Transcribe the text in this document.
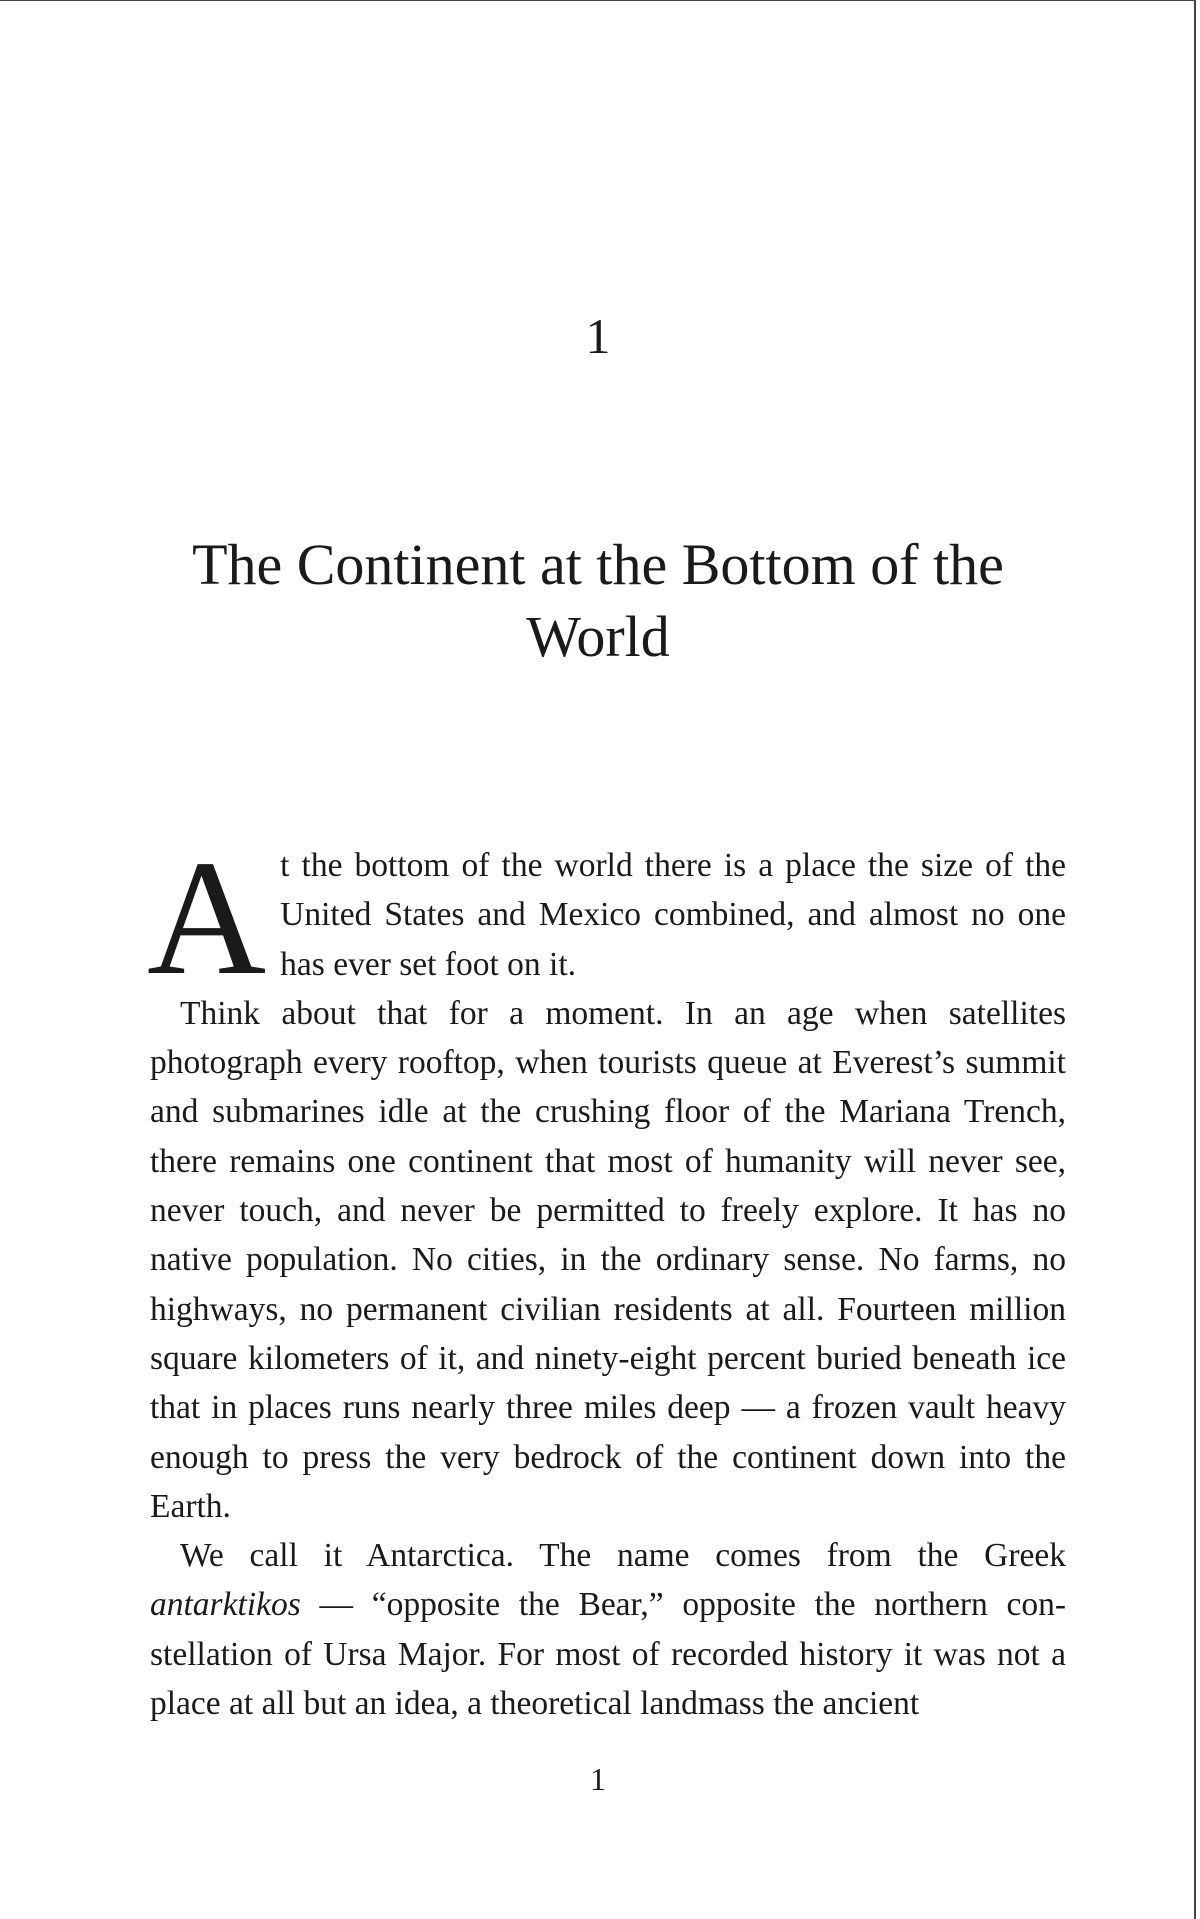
1
The Continent at the Bottom of the World

At the bottom of the world there is a place the size of the United States and Mexico combined, and almost no one has ever set foot on it.

Think about that for a moment. In an age when satellites photograph every rooftop, when tourists queue at Everest’s summit and submarines idle at the crushing floor of the Mariana Trench, there remains one continent that most of humanity will never see, never touch, and never be permitted to freely explore. It has no native population. No cities, in the ordinary sense. No farms, no highways, no permanent civilian residents at all. Fourteen million square kilometers of it, and ninety-eight percent buried beneath ice that in places runs nearly three miles deep — a frozen vault heavy enough to press the very bedrock of the continent down into the Earth.

We call it Antarctica. The name comes from the Greek antarktikos — “opposite the Bear,” opposite the northern constellation of Ursa Major. For most of recorded history it was not a place at all but an idea, a theoretical landmass the ancient

1
